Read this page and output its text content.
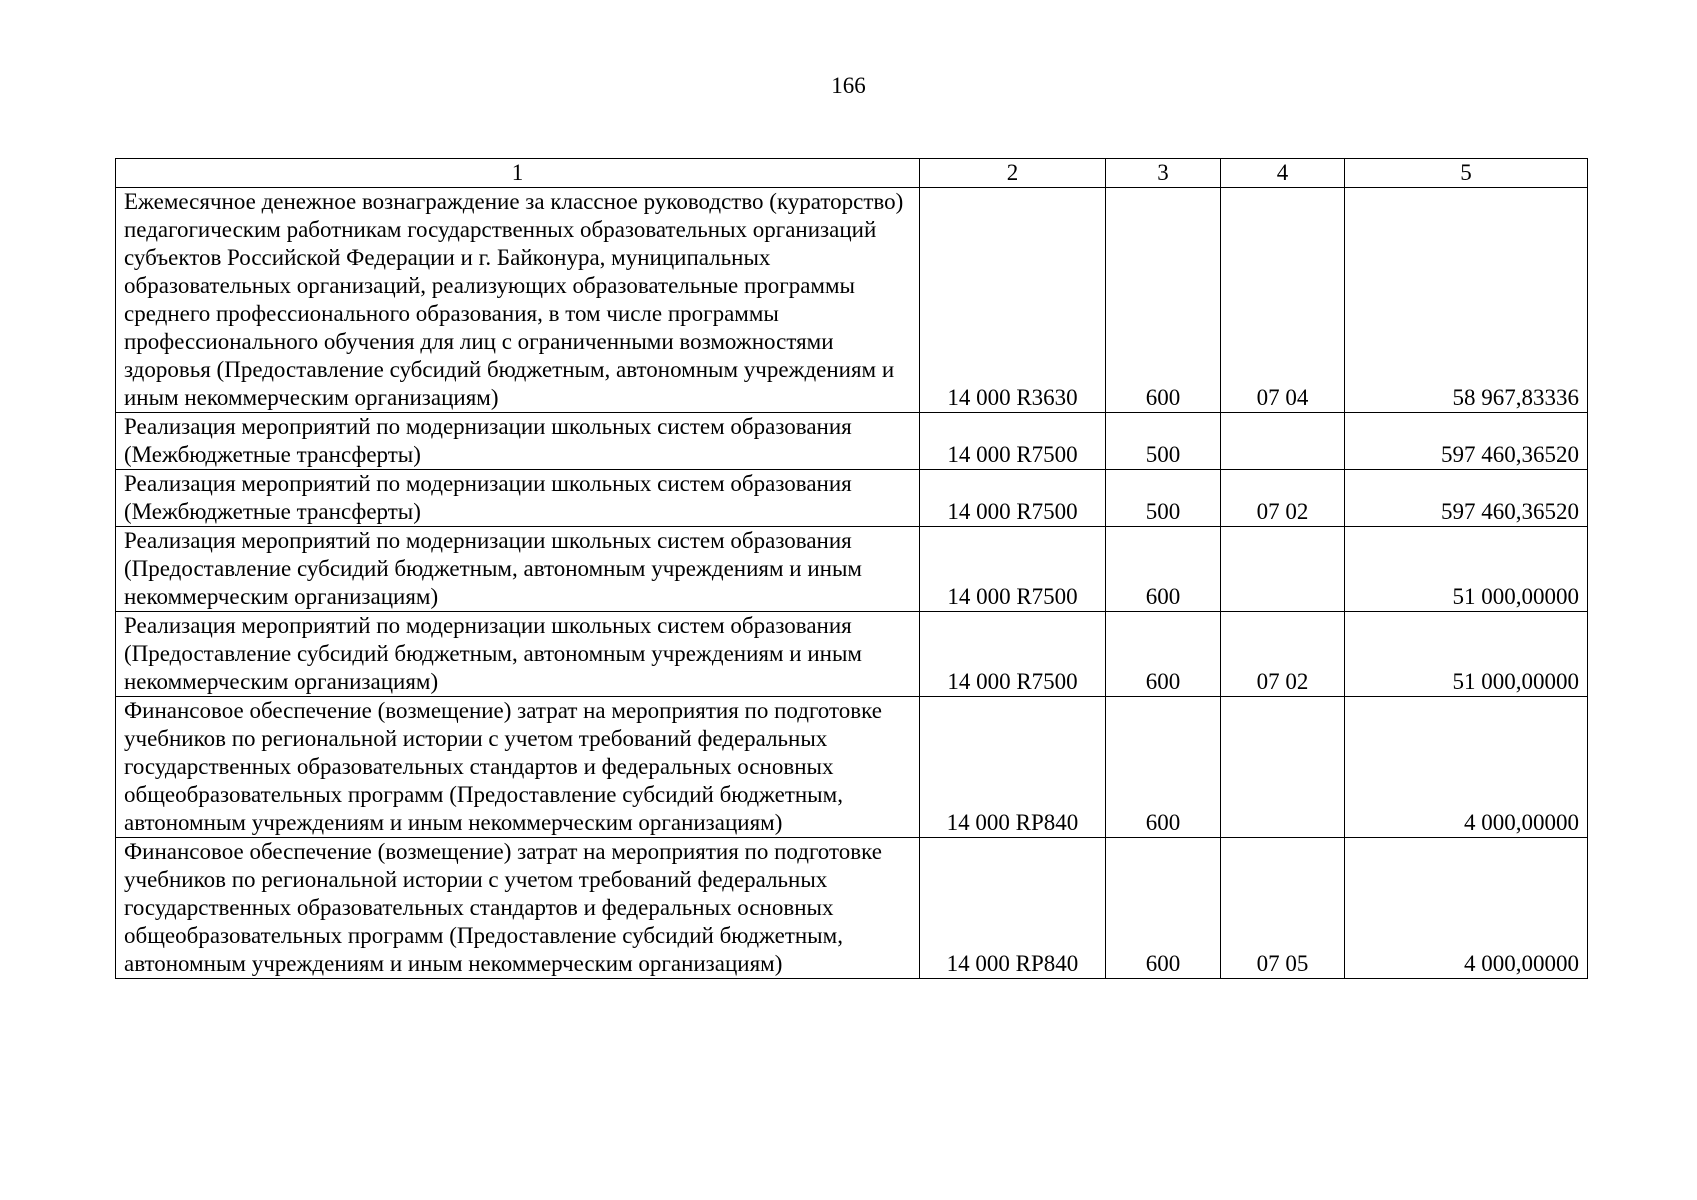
166
1	2	3	4	5
Ежемесячное денежное вознаграждение за классное руководство (кураторство) педагогическим работникам государственных образовательных организаций субъектов Российской Федерации и г. Байконура, муниципальных образовательных организаций, реализующих образовательные программы среднего профессионального образования, в том числе программы профессионального обучения для лиц с ограниченными возможностями здоровья (Предоставление субсидий бюджетным, автономным учреждениям и иным некоммерческим организациям)	14 000 R3630	600	07 04	58 967,83336
Реализация мероприятий по модернизации школьных систем образования (Межбюджетные трансферты)	14 000 R7500	500		597 460,36520
Реализация мероприятий по модернизации школьных систем образования (Межбюджетные трансферты)	14 000 R7500	500	07 02	597 460,36520
Реализация мероприятий по модернизации школьных систем образования (Предоставление субсидий бюджетным, автономным учреждениям и иным некоммерческим организациям)	14 000 R7500	600		51 000,00000
Реализация мероприятий по модернизации школьных систем образования (Предоставление субсидий бюджетным, автономным учреждениям и иным некоммерческим организациям)	14 000 R7500	600	07 02	51 000,00000
Финансовое обеспечение (возмещение) затрат на мероприятия по подготовке учебников по региональной истории с учетом требований федеральных государственных образовательных стандартов и федеральных основных общеобразовательных программ (Предоставление субсидий бюджетным, автономным учреждениям и иным некоммерческим организациям)	14 000 RP840	600		4 000,00000
Финансовое обеспечение (возмещение) затрат на мероприятия по подготовке учебников по региональной истории с учетом требований федеральных государственных образовательных стандартов и федеральных основных общеобразовательных программ (Предоставление субсидий бюджетным, автономным учреждениям и иным некоммерческим организациям)	14 000 RP840	600	07 05	4 000,00000
